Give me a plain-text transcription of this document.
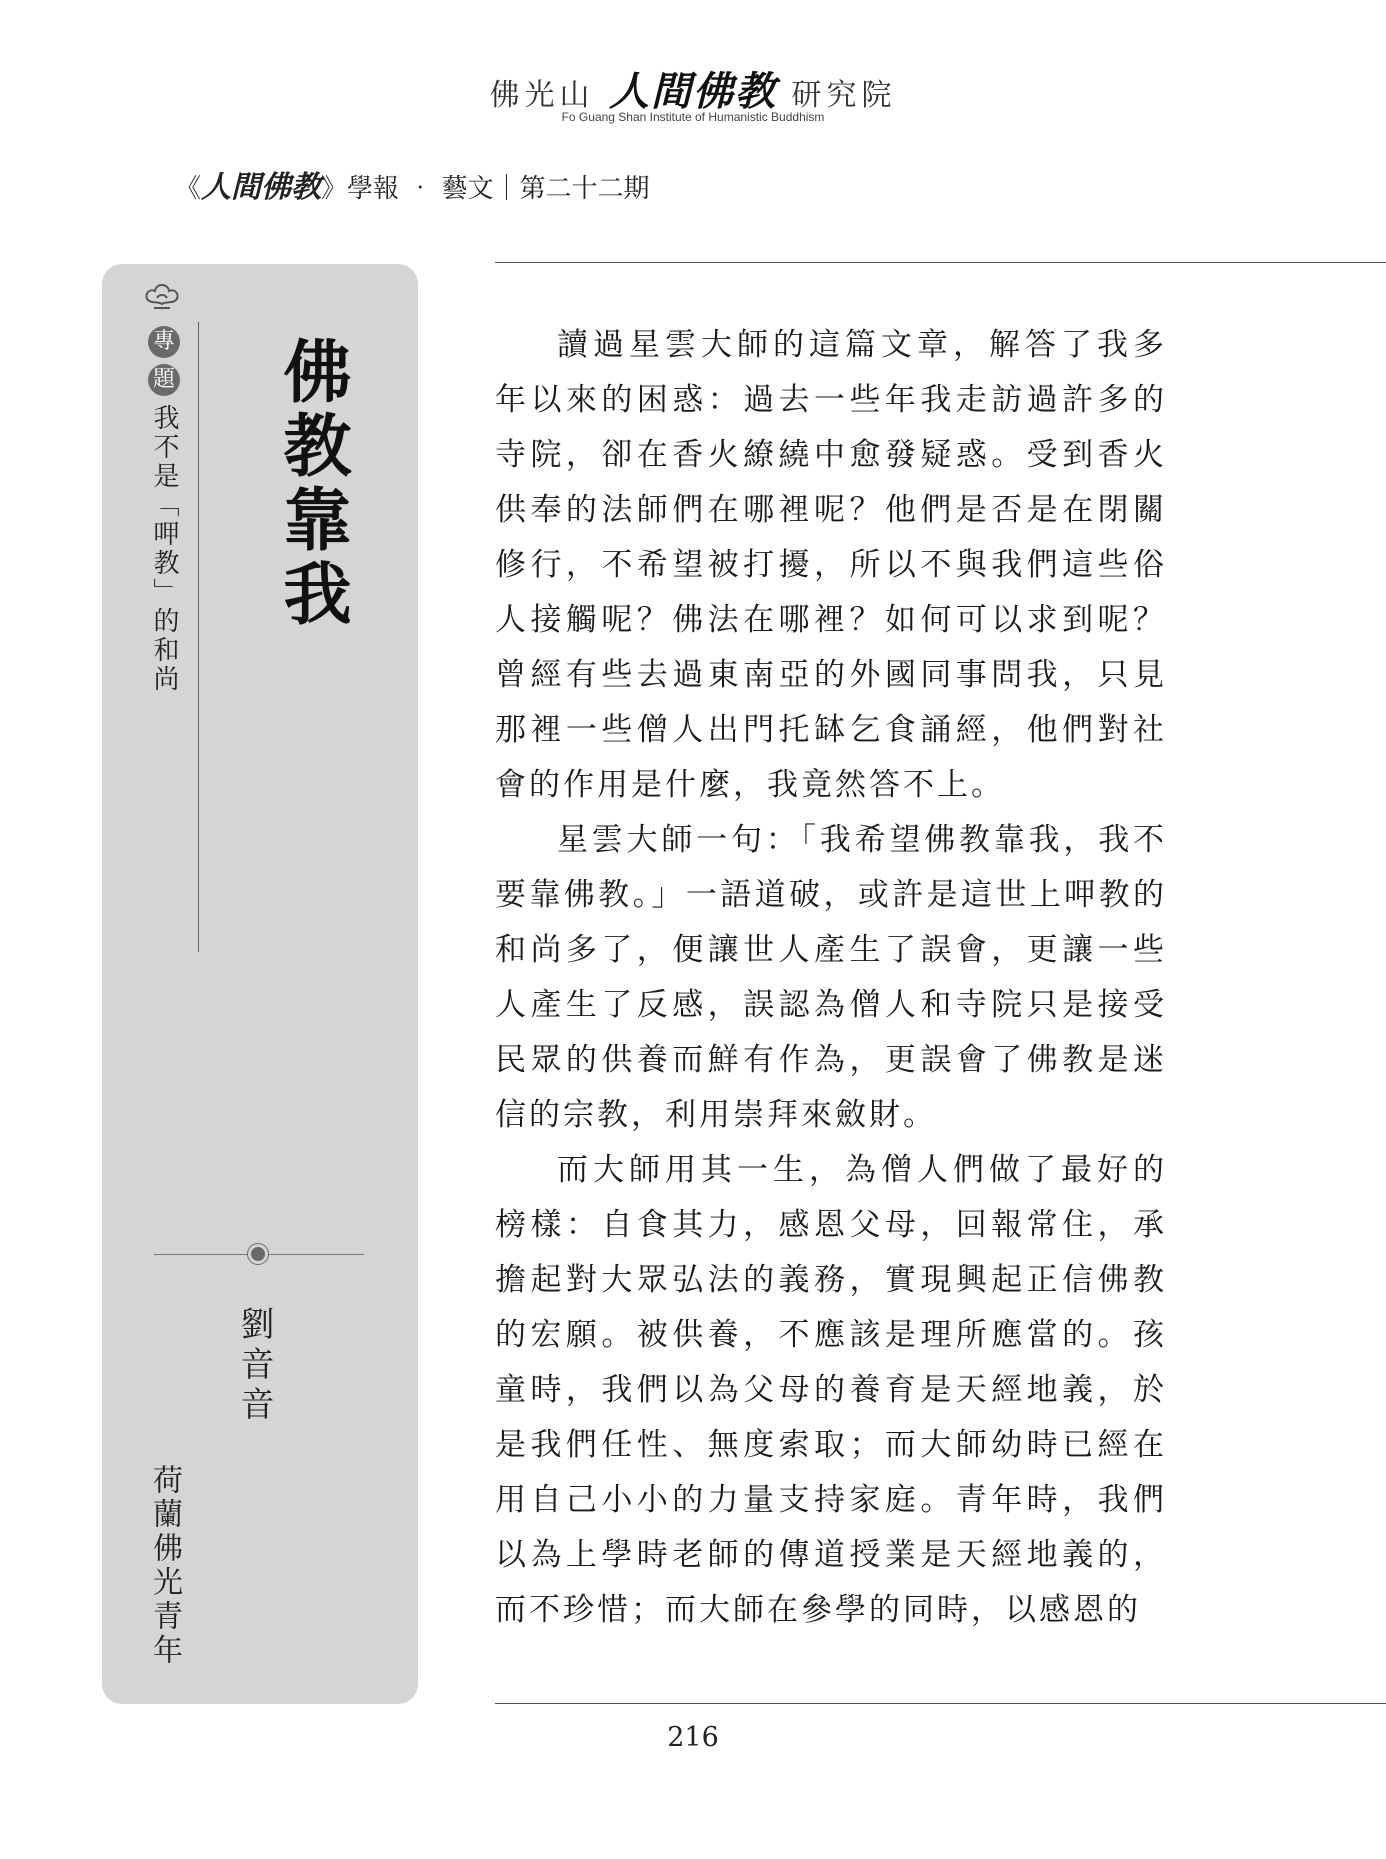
佛光山 人間佛教 研究院
Fo Guang Shan Institute of Humanistic Buddhism
《人間佛教》學報 ‧ 藝文｜第二十二期
專
題
我不是「呷教」的和尚 佛教靠我
劉音音
荷蘭佛光青年

讀過星雲大師的這篇文章，解答了我多年以來的困惑：過去一些年我走訪過許多的寺院，卻在香火繚繞中愈發疑惑。受到香火供奉的法師們在哪裡呢？他們是否是在閉關修行，不希望被打擾，所以不與我們這些俗人接觸呢？佛法在哪裡？如何可以求到呢？曾經有些去過東南亞的外國同事問我，只見那裡一些僧人出門托缽乞食誦經，他們對社會的作用是什麼，我竟然答不上。

星雲大師一句：「我希望佛教靠我，我不要靠佛教。」一語道破，或許是這世上呷教的和尚多了，便讓世人產生了誤會，更讓一些人產生了反感，誤認為僧人和寺院只是接受民眾的供養而鮮有作為，更誤會了佛教是迷信的宗教，利用崇拜來斂財。

而大師用其一生，為僧人們做了最好的榜樣：自食其力，感恩父母，回報常住，承擔起對大眾弘法的義務，實現興起正信佛教的宏願。被供養，不應該是理所應當的。孩童時，我們以為父母的養育是天經地義，於是我們任性、無度索取；而大師幼時已經在用自己小小的力量支持家庭。青年時，我們以為上學時老師的傳道授業是天經地義的，而不珍惜；而大師在參學的同時，以感恩的

216
